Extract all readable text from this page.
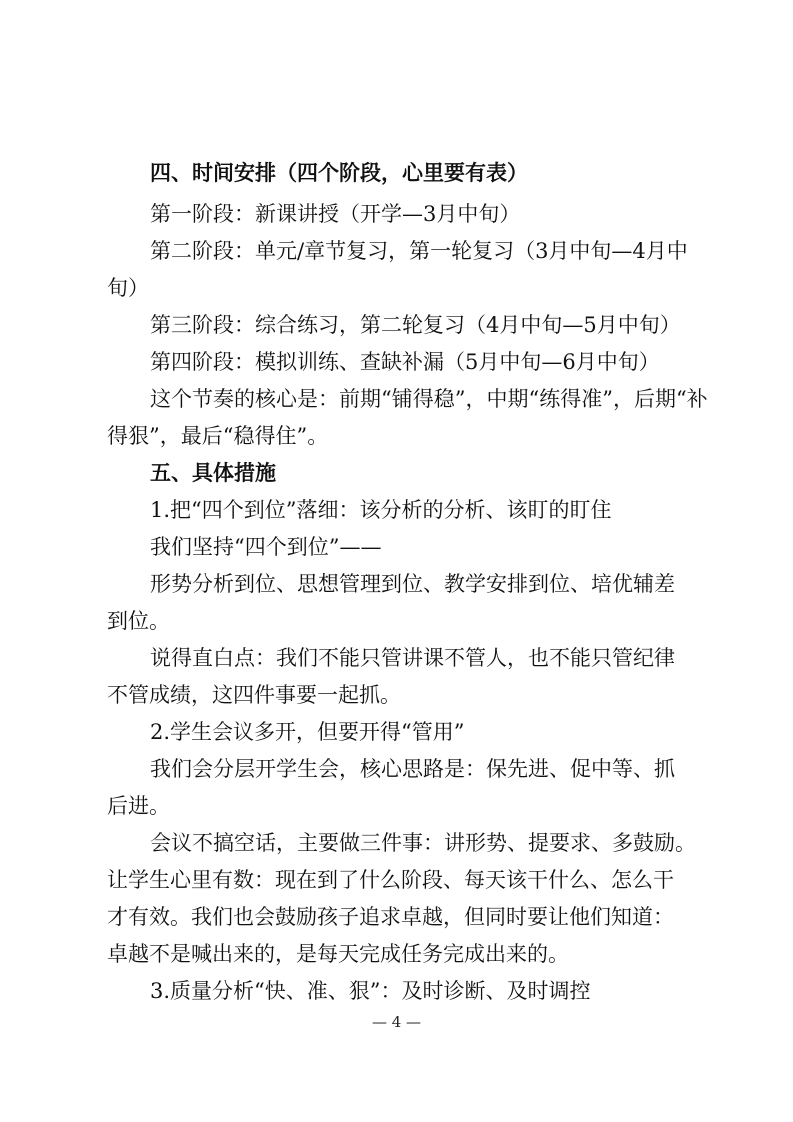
四、时间安排（四个阶段，心里要有表）
第一阶段：新课讲授（开学—3月中旬）
第二阶段：单元/章节复习，第一轮复习（3月中旬—4月中
旬）
第三阶段：综合练习，第二轮复习（4月中旬—5月中旬）
第四阶段：模拟训练、查缺补漏（5月中旬—6月中旬）
这个节奏的核心是：前期“铺得稳”，中期“练得准”，后期“补
得狠”，最后“稳得住”。
五、具体措施
1.把“四个到位”落细：该分析的分析、该盯的盯住
我们坚持“四个到位”——
形势分析到位、思想管理到位、教学安排到位、培优辅差
到位。
说得直白点：我们不能只管讲课不管人，也不能只管纪律
不管成绩，这四件事要一起抓。
2.学生会议多开，但要开得“管用”
我们会分层开学生会，核心思路是：保先进、促中等、抓
后进。
会议不搞空话，主要做三件事：讲形势、提要求、多鼓励。
让学生心里有数：现在到了什么阶段、每天该干什么、怎么干
才有效。我们也会鼓励孩子追求卓越，但同时要让他们知道：
卓越不是喊出来的，是每天完成任务完成出来的。
3.质量分析“快、准、狠”：及时诊断、及时调控
— 4 —
